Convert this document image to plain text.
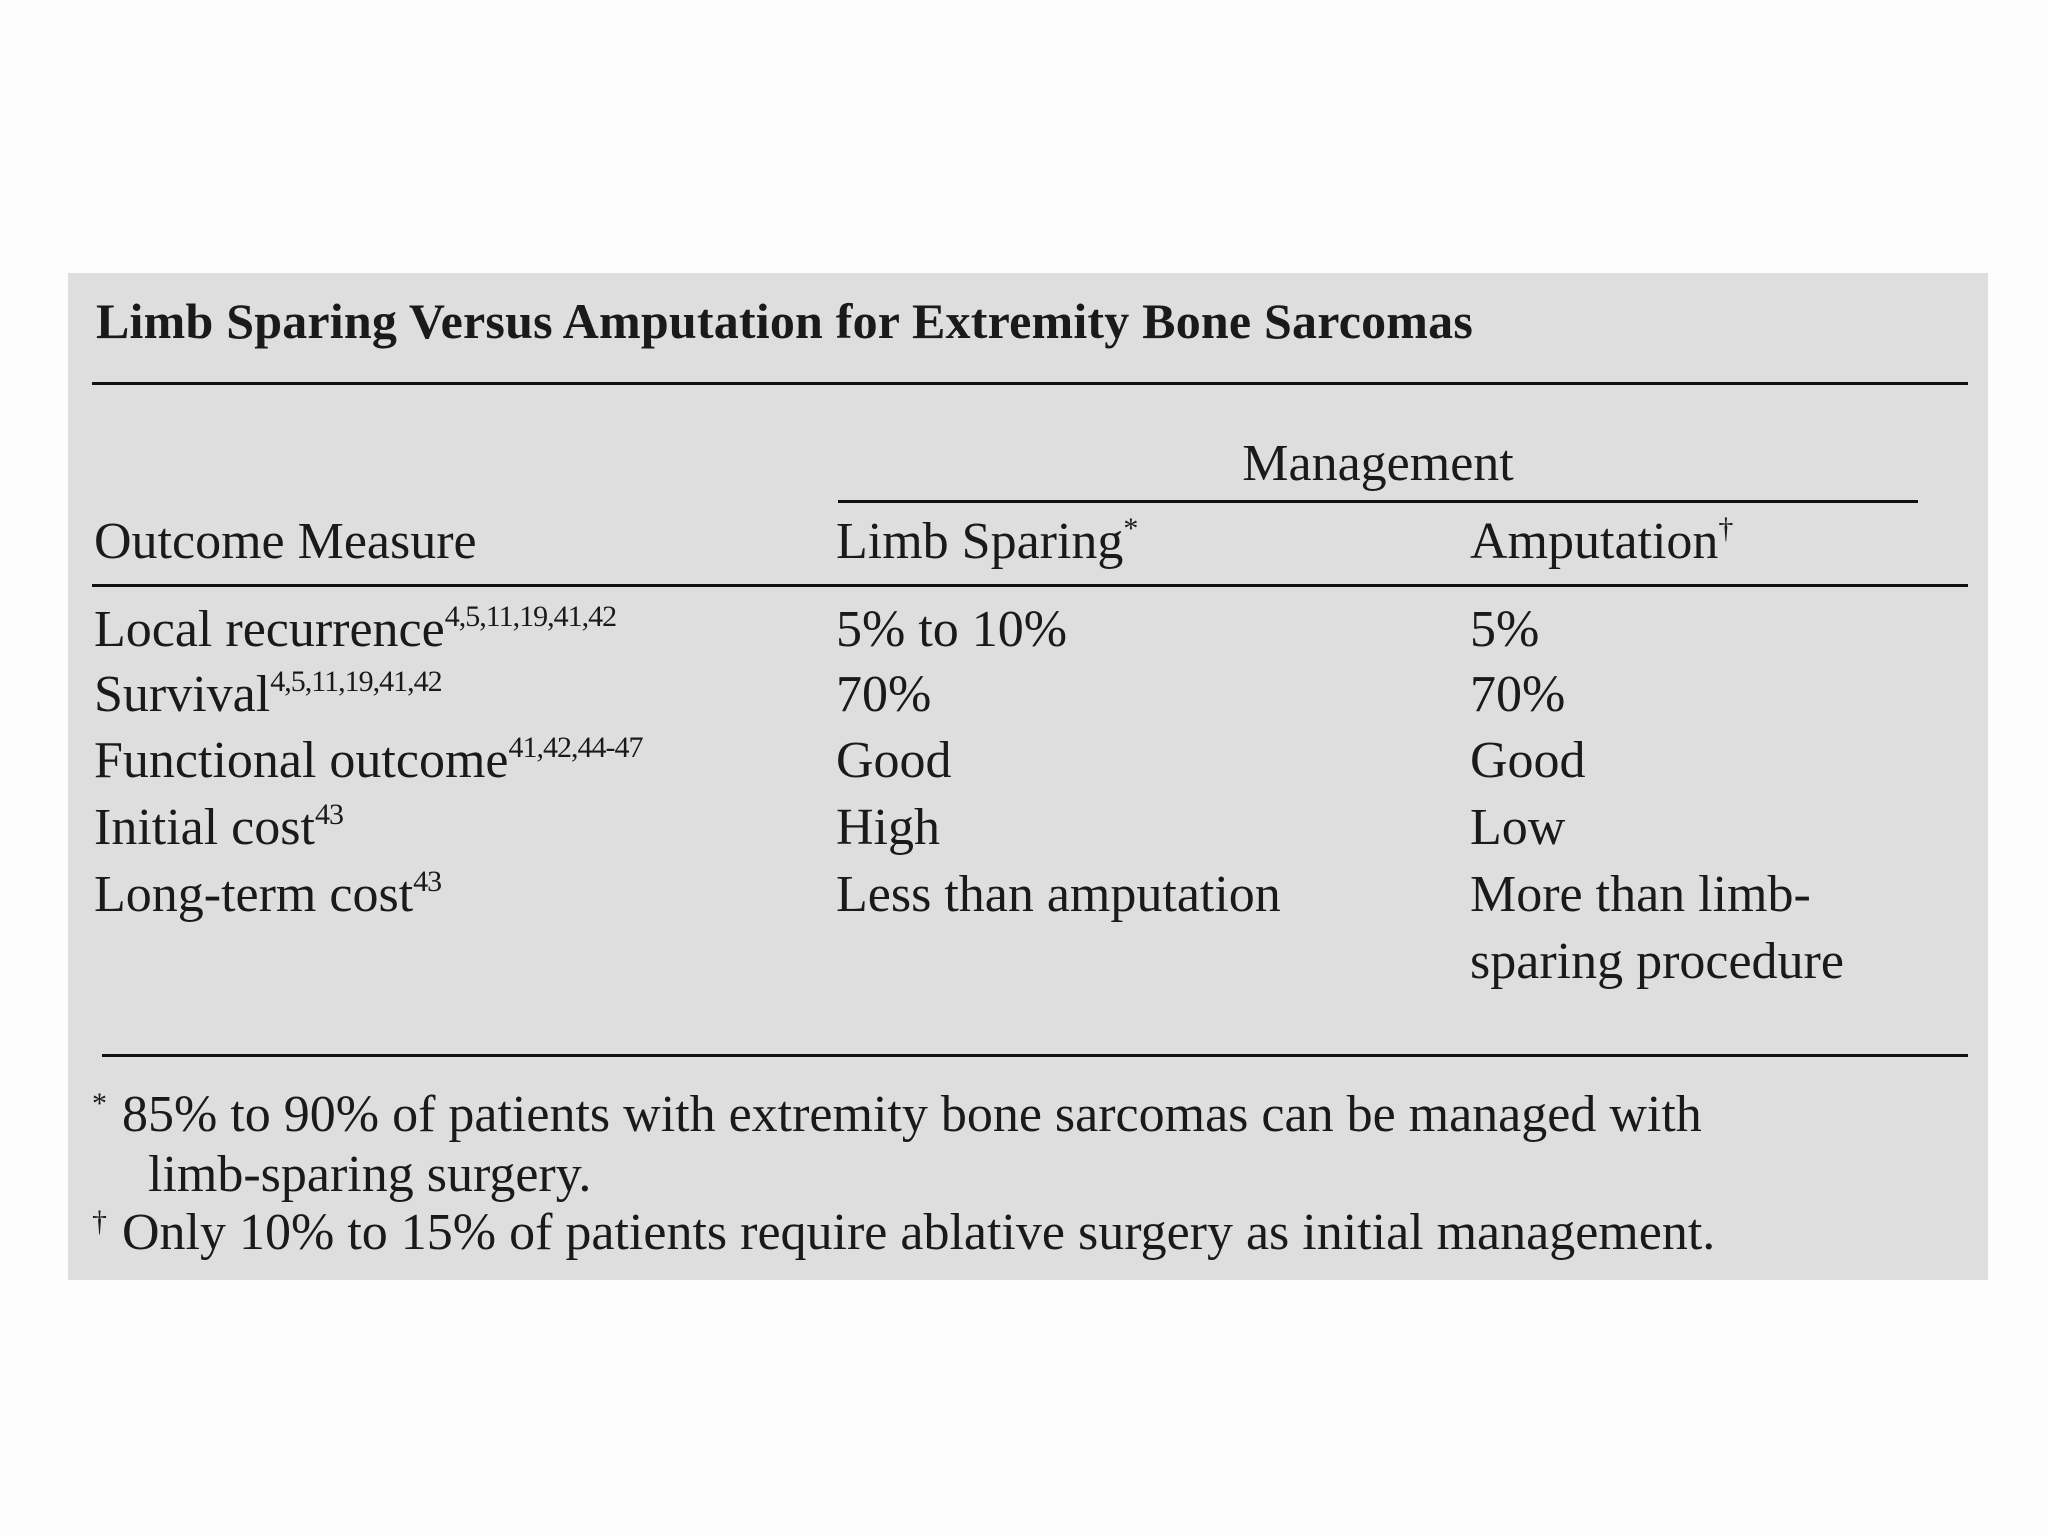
Limb Sparing Versus Amputation for Extremity Bone Sarcomas
Management
Outcome Measure	Limb Sparing*	Amputation†
Local recurrence$^{4,5,11,19,41,42}$	5% to 10%	5%
Survival$^{4,5,11,19,41,42}$	70%	70%
Functional outcome$^{41,42,44-47}$	Good	Good
Initial cost$^{43}$	High	Low
Long-term cost$^{43}$	Less than amputation	More than limb-
sparing procedure
* 85% to 90% of patients with extremity bone sarcomas can be managed with
limb-sparing surgery.
† Only 10% to 15% of patients require ablative surgery as initial management.
